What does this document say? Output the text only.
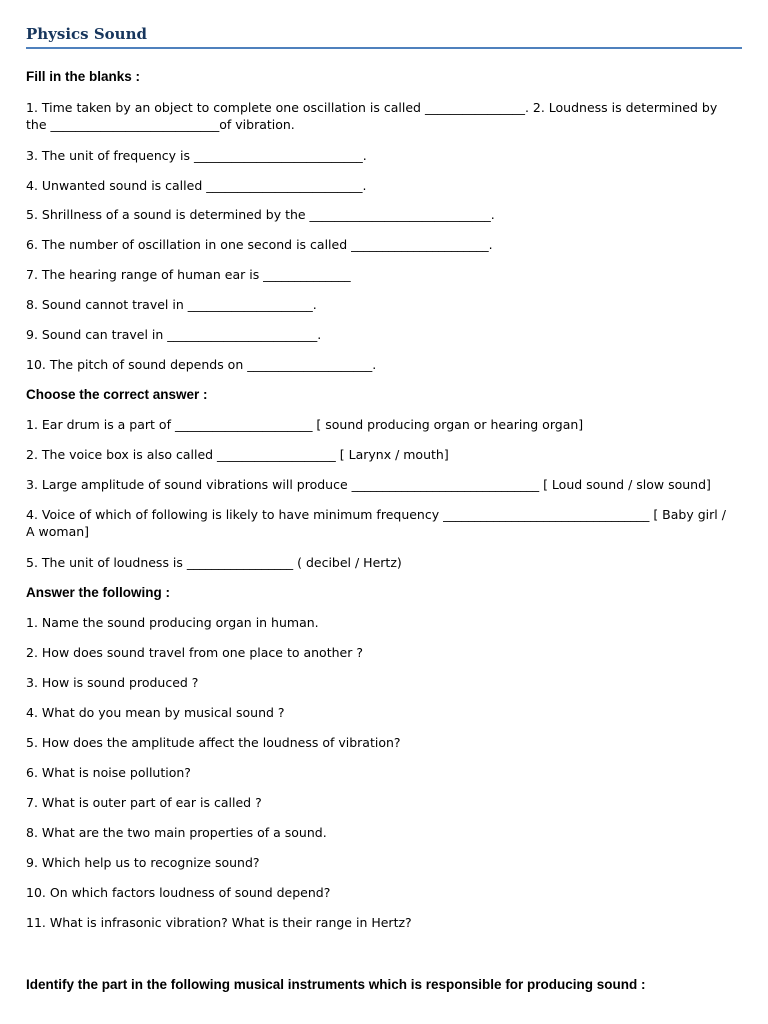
Physics Sound
Fill in the blanks :

1. Time taken by an object to complete one oscillation is called ________________. 2. Loudness is determined by the ___________________________of vibration.

3. The unit of frequency is ___________________________.

4. Unwanted sound is called _________________________.

5. Shrillness of a sound is determined by the _____________________________.

6. The number of oscillation in one second is called ______________________.

7. The hearing range of human ear is ______________

8. Sound cannot travel in ____________________.

9. Sound can travel in ________________________.

10. The pitch of sound depends on ____________________.

Choose the correct answer :

1. Ear drum is a part of ______________________ [ sound producing organ or hearing organ]

2. The voice box is also called ___________________ [ Larynx / mouth]

3. Large amplitude of sound vibrations will produce ______________________________ [ Loud sound / slow sound]

4. Voice of which of following is likely to have minimum frequency _________________________________ [ Baby girl / A woman]

5. The unit of loudness is _________________ ( decibel / Hertz)

Answer the following :

1. Name the sound producing organ in human.

2. How does sound travel from one place to another ?

3. How is sound produced ?

4. What do you mean by musical sound ?

5. How does the amplitude affect the loudness of vibration?

6. What is noise pollution?

7. What is outer part of ear is called ?

8. What are the two main properties of a sound.

9. Which help us to recognize sound?

10. On which factors loudness of sound depend?

11. What is infrasonic vibration? What is their range in Hertz?

Identify the part in the following musical instruments which is responsible for producing sound :
